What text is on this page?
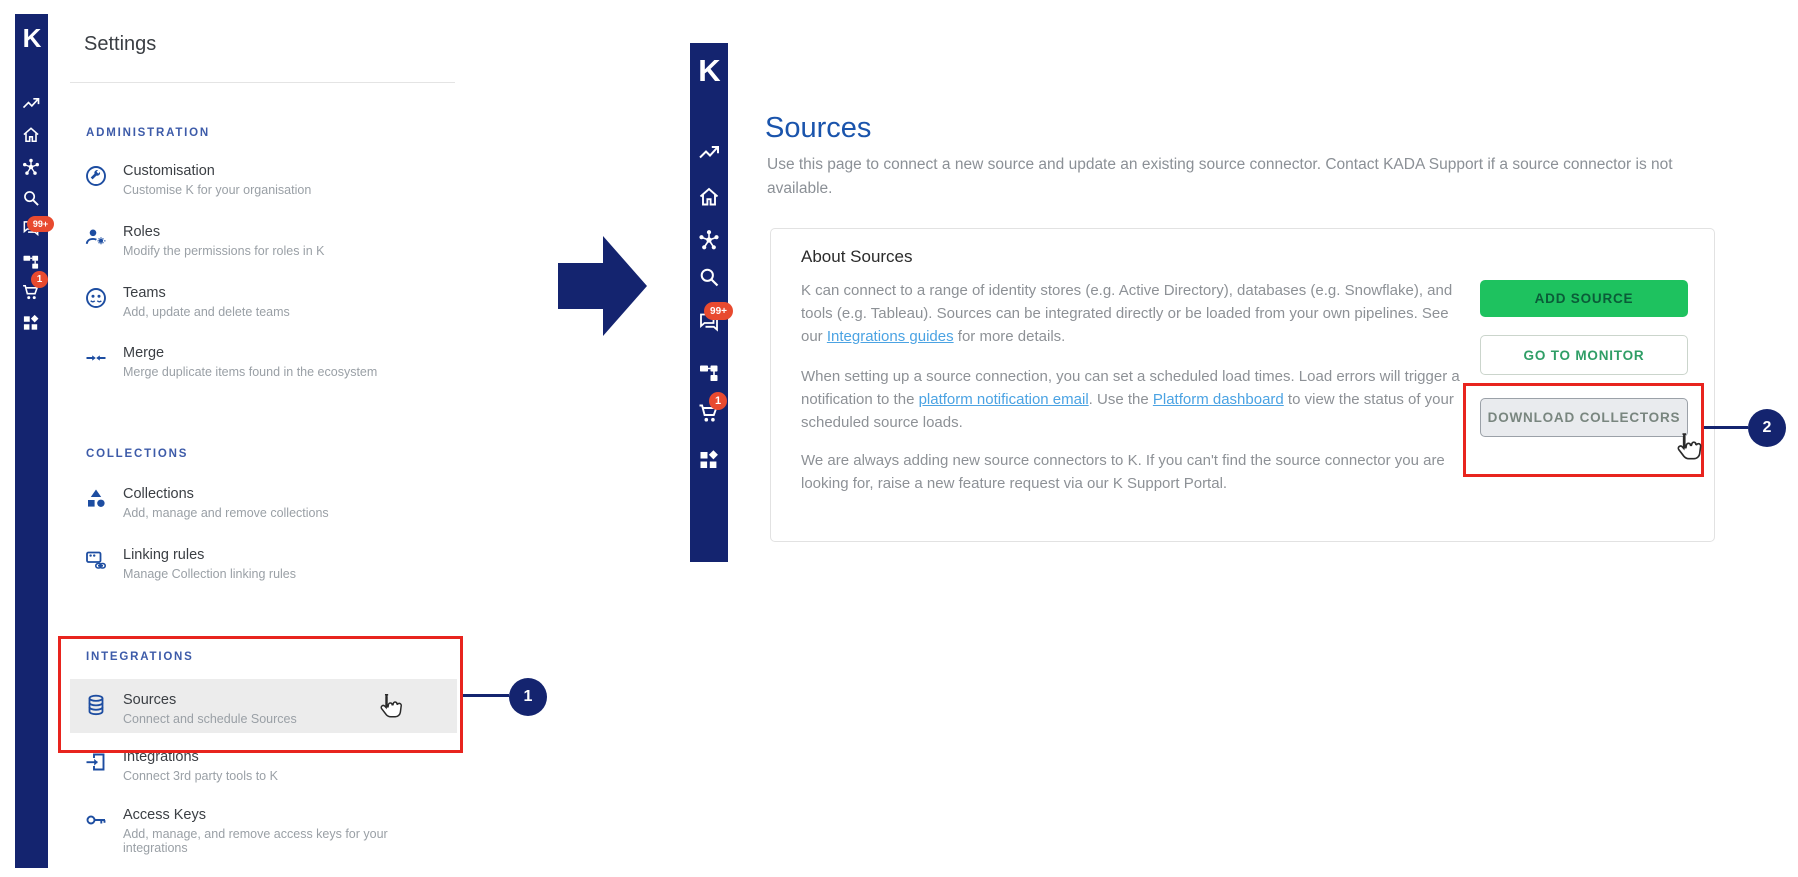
K
99+
1
Settings
ADMINISTRATION
Customisation
Customise K for your organisation
Roles
Modify the permissions for roles in K
Teams
Add, update and delete teams
Merge
Merge duplicate items found in the ecosystem
COLLECTIONS
Collections
Add, manage and remove collections
Linking rules
Manage Collection linking rules
INTEGRATIONS
Sources
Connect and schedule Sources
Integrations
Connect 3rd party tools to K
Access Keys
Add, manage, and remove access keys for your integrations
1
K
99+
1
Sources
Use this page to connect a new source and update an existing source connector. Contact KADA Support if a source connector is not available.
About Sources

K can connect to a range of identity stores (e.g. Active Directory), databases (e.g. Snowflake), and tools (e.g. Tableau). Sources can be integrated directly or be loaded from your own pipelines. See our Integrations guides for more details.

When setting up a source connection, you can set a scheduled load times. Load errors will trigger a notification to the platform notification email. Use the Platform dashboard to view the status of your scheduled source loads.

We are always adding new source connectors to K. If you can't find the source connector you are looking for, raise a new feature request via our K Support Portal.

ADD SOURCE
GO TO MONITOR
DOWNLOAD COLLECTORS
2
